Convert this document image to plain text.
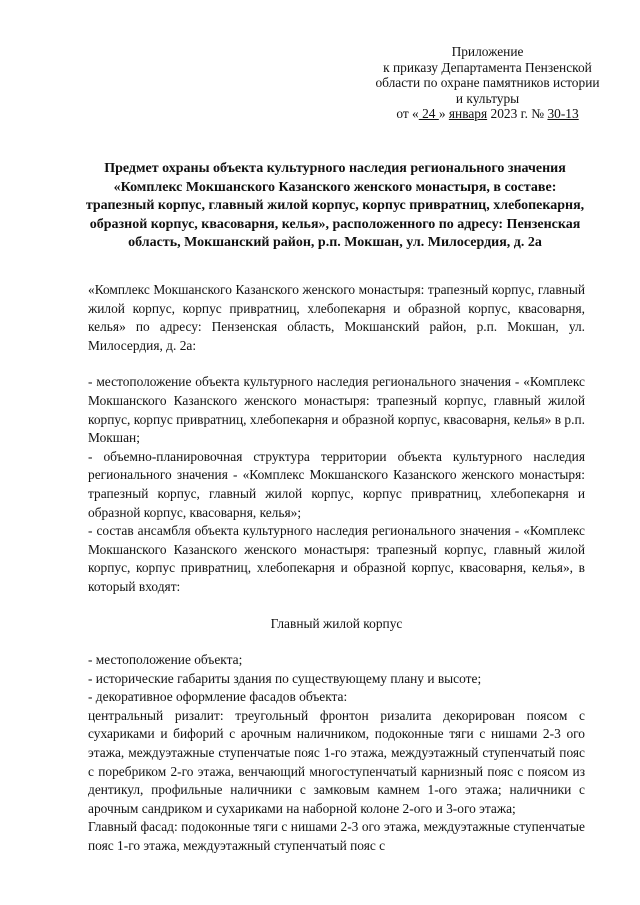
Приложение
к приказу Департамента Пензенской
области по охране памятников истории
и культуры
от « 24 » января 2023 г. № 30-13
Предмет охраны объекта культурного наследия регионального значения «Комплекс Мокшанского Казанского женского монастыря, в составе: трапезный корпус, главный жилой корпус, корпус привратниц, хлебопекарня, образной корпус, квасоварня, келья», расположенного по адресу: Пензенская область, Мокшанский район, р.п. Мокшан, ул. Милосердия, д. 2а

«Комплекс Мокшанского Казанского женского монастыря: трапезный корпус, главный жилой корпус, корпус привратниц, хлебопекарня и образной корпус, квасоварня, келья» по адресу: Пензенская область, Мокшанский район, р.п. Мокшан, ул. Милосердия, д. 2а:

- местоположение объекта культурного наследия регионального значения - «Комплекс Мокшанского Казанского женского монастыря: трапезный корпус, главный жилой корпус, корпус привратниц, хлебопекарня и образной корпус, квасоварня, келья» в р.п. Мокшан;

- объемно-планировочная структура территории объекта культурного наследия регионального значения - «Комплекс Мокшанского Казанского женского монастыря: трапезный корпус, главный жилой корпус, корпус привратниц, хлебопекарня и образной корпус, квасоварня, келья»;

- состав ансамбля объекта культурного наследия регионального значения - «Комплекс Мокшанского Казанского женского монастыря: трапезный корпус, главный жилой корпус, корпус привратниц, хлебопекарня и образной корпус, квасоварня, келья», в который входят:

Главный жилой корпус

- местоположение объекта;

- исторические габариты здания по существующему плану и высоте;

- декоративное оформление фасадов объекта:

центральный ризалит: треугольный фронтон ризалита декорирован поясом с сухариками и бифорий с арочным наличником, подоконные тяги с нишами 2-3 ого этажа, междуэтажные ступенчатые пояс 1-го этажа, междуэтажный ступенчатый пояс с поребриком 2-го этажа, венчающий многоступенчатый карнизный пояс с поясом из дентикул, профильные наличники с замковым камнем 1-ого этажа; наличники с арочным сандриком и сухариками на наборной колоне 2-ого и 3-ого этажа;

Главный фасад: подоконные тяги с нишами 2-3 ого этажа, междуэтажные ступенчатые пояс 1-го этажа, междуэтажный ступенчатый пояс с
